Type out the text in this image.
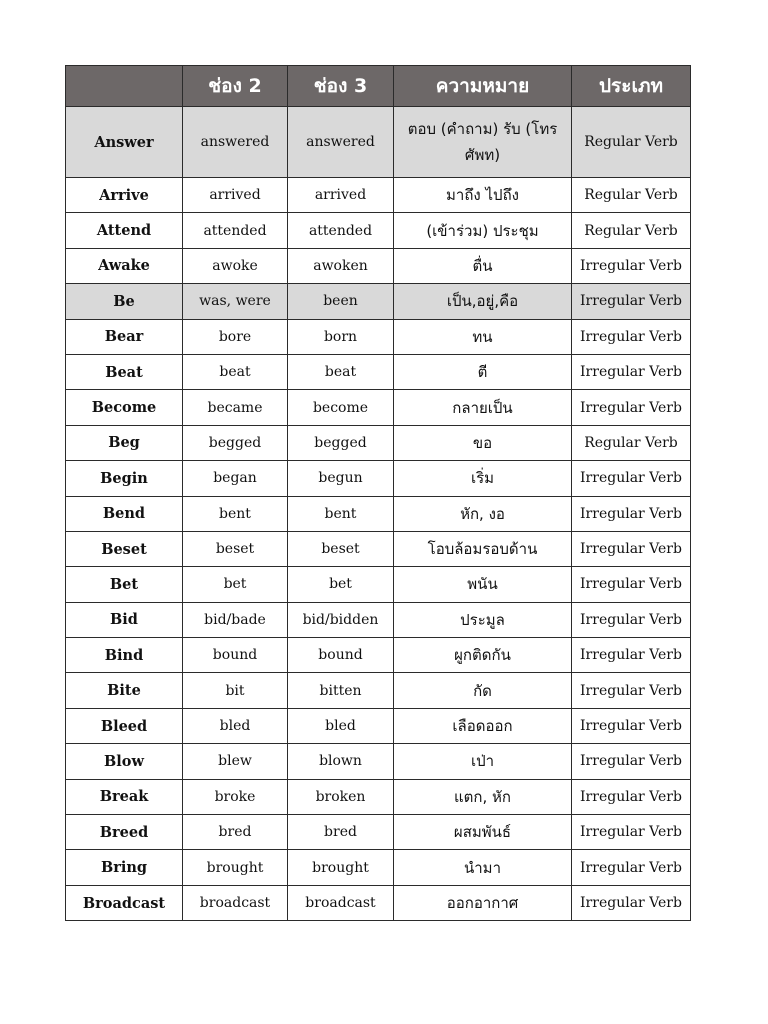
	ช่อง 2	ช่อง 3	ความหมาย	ประเภท
Answer	answered	answered	ตอบ (คำถาม) รับ (โทรศัพท)	Regular Verb
Arrive	arrived	arrived	มาถึง ไปถึง	Regular Verb
Attend	attended	attended	(เข้าร่วม) ประชุม	Regular Verb
Awake	awoke	awoken	ตื่น	Irregular Verb
Be	was, were	been	เป็น,อยู่,คือ	Irregular Verb
Bear	bore	born	ทน	Irregular Verb
Beat	beat	beat	ตี	Irregular Verb
Become	became	become	กลายเป็น	Irregular Verb
Beg	begged	begged	ขอ	Regular Verb
Begin	began	begun	เริ่ม	Irregular Verb
Bend	bent	bent	หัก, งอ	Irregular Verb
Beset	beset	beset	โอบล้อมรอบด้าน	Irregular Verb
Bet	bet	bet	พนัน	Irregular Verb
Bid	bid/bade	bid/bidden	ประมูล	Irregular Verb
Bind	bound	bound	ผูกติดกัน	Irregular Verb
Bite	bit	bitten	กัด	Irregular Verb
Bleed	bled	bled	เลือดออก	Irregular Verb
Blow	blew	blown	เป่า	Irregular Verb
Break	broke	broken	แตก, หัก	Irregular Verb
Breed	bred	bred	ผสมพันธ์	Irregular Verb
Bring	brought	brought	นำมา	Irregular Verb
Broadcast	broadcast	broadcast	ออกอากาศ	Irregular Verb
